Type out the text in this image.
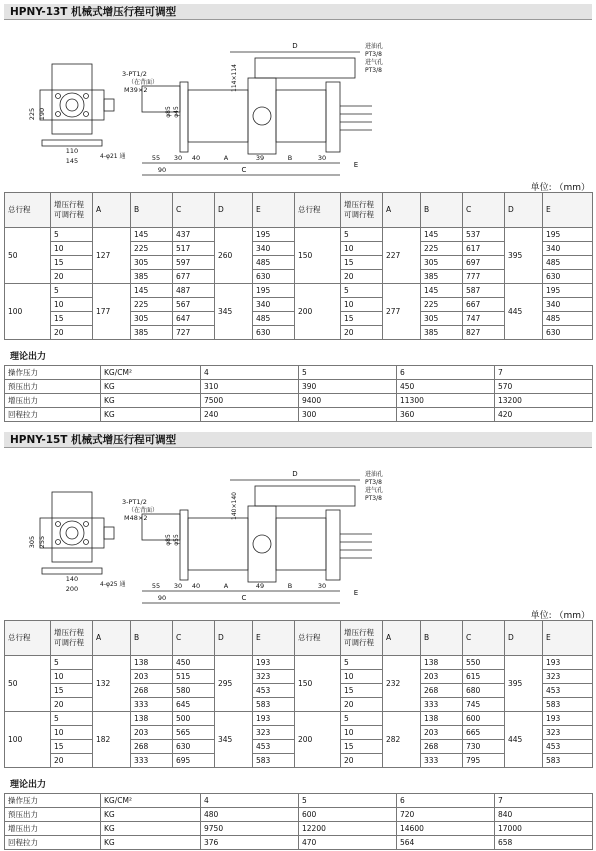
HPNY-13T 机械式增压行程可调型
225 190
110
145
4-φ21 通
D
114×114
进油孔
PT3/8
进气孔
PT3/8
3-PT1/2
（在背面）
M39×2
φ85 φ45
55 30 40	A	39	B	30
90	C
E
单位: （mm）
总行程	增压行程
可调行程	A	B	C	D	E	总行程	增压行程
可调行程	A	B	C	D	E
50	5	127	145	437	260	195	150	5	227	145	537	395	195
	10		225	517		340		10		225	617		340
	15		305	597		485		15		305	697		485
	20		385	677		630		20		385	777		630
100	5	177	145	487	345	195	200	5	277	145	587	445	195
	10		225	567		340		10		225	667		340
	15		305	647		485		15		305	747		485
	20		385	727		630		20		385	827		630
理论出力
操作压力	KG/CM²	4	5	6	7
预压出力	KG	310	390	450	570
增压出力	KG	7500	9400	11300	13200
回程拉力	KG	240	300	360	420
HPNY-15T 机械式增压行程可调型
305 255
140
200
4-φ25 通
D
140×140
进油孔
PT3/8
进气孔
PT3/8
3-PT1/2
（在背面）
M48×2
φ85 φ55
55 30 40	A	49	B	30
90	C
E
单位: （mm）
总行程	增压行程
可调行程	A	B	C	D	E	总行程	增压行程
可调行程	A	B	C	D	E
50	5	132	138	450	295	193	150	5	232	138	550	395	193
	10		203	515		323		10		203	615		323
	15		268	580		453		15		268	680		453
	20		333	645		583		20		333	745		583
100	5	182	138	500	345	193	200	5	282	138	600	445	193
	10		203	565		323		10		203	665		323
	15		268	630		453		15		268	730		453
	20		333	695		583		20		333	795		583
理论出力
操作压力	KG/CM²	4	5	6	7
预压出力	KG	480	600	720	840
增压出力	KG	9750	12200	14600	17000
回程拉力	KG	376	470	564	658
